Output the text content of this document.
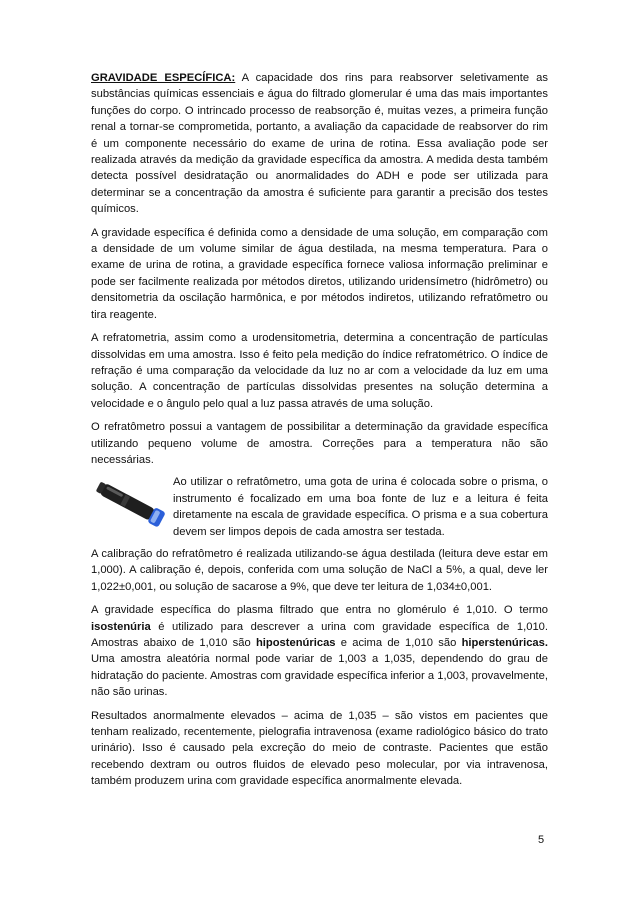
GRAVIDADE ESPECÍFICA: A capacidade dos rins para reabsorver seletivamente as substâncias químicas essenciais e água do filtrado glomerular é uma das mais importantes funções do corpo. O intrincado processo de reabsorção é, muitas vezes, a primeira função renal a tornar-se comprometida, portanto, a avaliação da capacidade de reabsorver do rim é um componente necessário do exame de urina de rotina. Essa avaliação pode ser realizada através da medição da gravidade específica da amostra. A medida desta também detecta possível desidratação ou anormalidades do ADH e pode ser utilizada para determinar se a concentração da amostra é suficiente para garantir a precisão dos testes químicos.

A gravidade específica é definida como a densidade de uma solução, em comparação com a densidade de um volume similar de água destilada, na mesma temperatura. Para o exame de urina de rotina, a gravidade específica fornece valiosa informação preliminar e pode ser facilmente realizada por métodos diretos, utilizando uridensímetro (hidrômetro) ou densitometria da oscilação harmônica, e por métodos indiretos, utilizando refratômetro ou tira reagente.

A refratometria, assim como a urodensitometria, determina a concentração de partículas dissolvidas em uma amostra. Isso é feito pela medição do índice refratométrico. O índice de refração é uma comparação da velocidade da luz no ar com a velocidade da luz em uma solução. A concentração de partículas dissolvidas presentes na solução determina a velocidade e o ângulo pelo qual a luz passa através de uma solução.

O refratômetro possui a vantagem de possibilitar a determinação da gravidade específica utilizando pequeno volume de amostra. Correções para a temperatura não são necessárias.

Ao utilizar o refratômetro, uma gota de urina é colocada sobre o prisma, o instrumento é focalizado em uma boa fonte de luz e a leitura é feita diretamente na escala de gravidade específica. O prisma e a sua cobertura devem ser limpos depois de cada amostra ser testada.

A calibração do refratômetro é realizada utilizando-se água destilada (leitura deve estar em 1,000). A calibração é, depois, conferida com uma solução de NaCl a 5%, a qual, deve ler 1,022±0,001, ou solução de sacarose a 9%, que deve ter leitura de 1,034±0,001.

A gravidade específica do plasma filtrado que entra no glomérulo é 1,010. O termo isostenúria é utilizado para descrever a urina com gravidade específica de 1,010. Amostras abaixo de 1,010 são hipostenúricas e acima de 1,010 são hiperstenúricas. Uma amostra aleatória normal pode variar de 1,003 a 1,035, dependendo do grau de hidratação do paciente. Amostras com gravidade específica inferior a 1,003, provavelmente, não são urinas.

Resultados anormalmente elevados – acima de 1,035 – são vistos em pacientes que tenham realizado, recentemente, pielografia intravenosa (exame radiológico básico do trato urinário). Isso é causado pela excreção do meio de contraste. Pacientes que estão recebendo dextram ou outros fluidos de elevado peso molecular, por via intravenosa, também produzem urina com gravidade específica anormalmente elevada.

5
